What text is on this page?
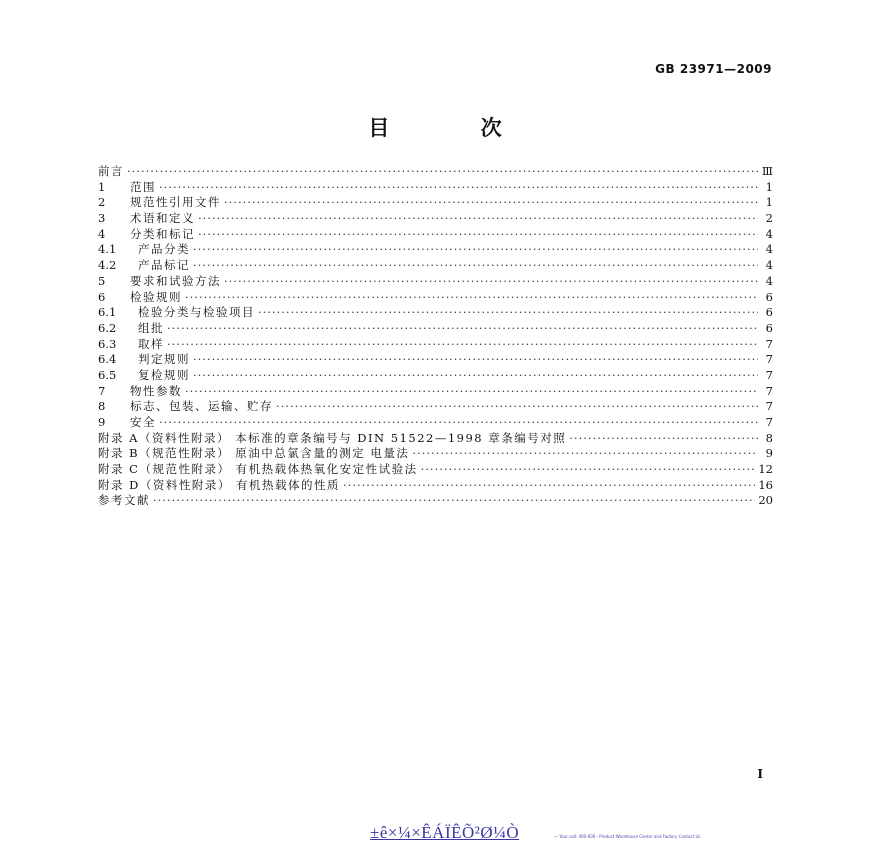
GB 23971—2009
目 次
前言 ·····	Ⅲ
1	范围 ·····	1
2	规范性引用文件 ·····	1
3	术语和定义 ·····	2
4	分类和标记 ·····	4
4.1	产品分类 ·····	4
4.2	产品标记 ·····	4
5	要求和试验方法 ·····	4
6	检验规则 ·····	6
6.1	检验分类与检验项目 ·····	6
6.2	组批 ·····	6
6.3	取样 ·····	7
6.4	判定规则 ·····	7
6.5	复检规则 ·····	7
7	物性参数 ·····	7
8	标志、包装、运输、贮存 ·····	7
9	安全 ·····	7
附录 A（资料性附录） 本标准的章条编号与 DIN 51522—1998 章条编号对照 ·····	8
附录 B（规范性附录） 原油中总氯含量的测定 电量法 ·····	9
附录 C（规范性附录） 有机热载体热氧化安定性试验法 ·····	12
附录 D（资料性附录） 有机热载体的性质 ·····	16
参考文献 ·····	20
I
±ê×¼×ÊÁÏÊÕ²Ø¼Ò	— Your call: 400-600 - Product Warehouse Center and Factory Contact Us
